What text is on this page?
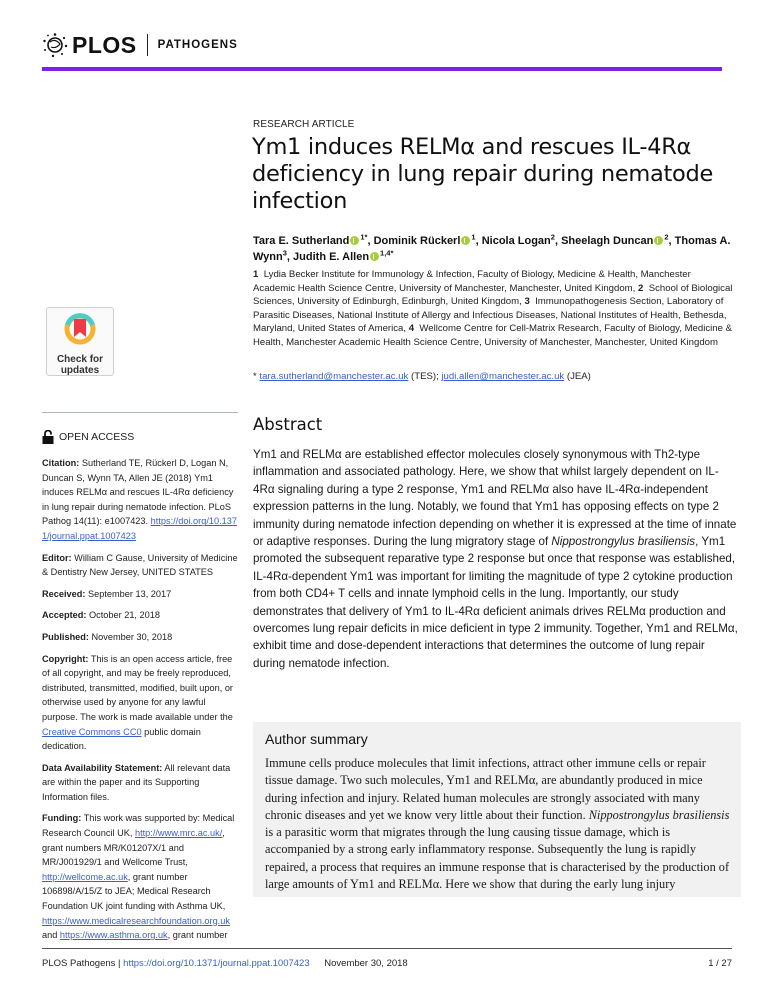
PLOS PATHOGENS
RESEARCH ARTICLE
Ym1 induces RELMα and rescues IL-4Rα deficiency in lung repair during nematode infection
Tara E. Sutherland $^{1*}$, Dominik Rückerl $^1$, Nicola Logan$^2$, Sheelagh Duncan $^2$, Thomas A. Wynn$^3$, Judith E. Allen $^{1,4*}$
1 Lydia Becker Institute for Immunology & Infection, Faculty of Biology, Medicine & Health, Manchester Academic Health Science Centre, University of Manchester, Manchester, United Kingdom, 2 School of Biological Sciences, University of Edinburgh, Edinburgh, United Kingdom, 3 Immunopathogenesis Section, Laboratory of Parasitic Diseases, National Institute of Allergy and Infectious Diseases, National Institutes of Health, Bethesda, Maryland, United States of America, 4 Wellcome Centre for Cell-Matrix Research, Faculty of Biology, Medicine & Health, Manchester Academic Health Science Centre, University of Manchester, Manchester, United Kingdom
* tara.sutherland@manchester.ac.uk (TES); judi.allen@manchester.ac.uk (JEA)
Check for updates
OPEN ACCESS
Citation: Sutherland TE, Rückerl D, Logan N, Duncan S, Wynn TA, Allen JE (2018) Ym1 induces RELMα and rescues IL-4Rα deficiency in lung repair during nematode infection. PLoS Pathog 14(11): e1007423. https://doi.org/10.1371/journal.ppat.1007423
Editor: William C Gause, University of Medicine & Dentistry New Jersey, UNITED STATES
Received: September 13, 2017
Accepted: October 21, 2018
Published: November 30, 2018
Copyright: This is an open access article, free of all copyright, and may be freely reproduced, distributed, transmitted, modified, built upon, or otherwise used by anyone for any lawful purpose. The work is made available under the Creative Commons CC0 public domain dedication.
Data Availability Statement: All relevant data are within the paper and its Supporting Information files.
Funding: This work was supported by: Medical Research Council UK, http://www.mrc.ac.uk/, grant numbers MR/K01207X/1 and MR/J001929/1 and Wellcome Trust, http://wellcome.ac.uk, grant number 106898/A/15/Z to JEA; Medical Research Foundation UK joint funding with Asthma UK, https://www.medicalresearchfoundation.org.uk and https://www.asthma.org.uk, grant number
Abstract

Ym1 and RELMα are established effector molecules closely synonymous with Th2-type inflammation and associated pathology. Here, we show that whilst largely dependent on IL-4Rα signaling during a type 2 response, Ym1 and RELMα also have IL-4Rα-independent expression patterns in the lung. Notably, we found that Ym1 has opposing effects on type 2 immunity during nematode infection depending on whether it is expressed at the time of innate or adaptive responses. During the lung migratory stage of Nippostrongylus brasiliensis, Ym1 promoted the subsequent reparative type 2 response but once that response was established, IL-4Rα-dependent Ym1 was important for limiting the magnitude of type 2 cytokine production from both CD4+ T cells and innate lymphoid cells in the lung. Importantly, our study demonstrates that delivery of Ym1 to IL-4Rα deficient animals drives RELMα production and overcomes lung repair deficits in mice deficient in type 2 immunity. Together, Ym1 and RELMα, exhibit time and dose-dependent interactions that determines the outcome of lung repair during nematode infection.

Author summary

Immune cells produce molecules that limit infections, attract other immune cells or repair tissue damage. Two such molecules, Ym1 and RELMα, are abundantly produced in mice during infection and injury. Related human molecules are strongly associated with many chronic diseases and yet we know very little about their function. Nippostrongylus brasiliensis is a parasitic worm that migrates through the lung causing tissue damage, which is accompanied by a strong early inflammatory response. Subsequently the lung is rapidly repaired, a process that requires an immune response that is characterised by the production of large amounts of Ym1 and RELMα. Here we show that during the early lung injury

PLOS Pathogens | https://doi.org/10.1371/journal.ppat.1007423 November 30, 2018	1 / 27
